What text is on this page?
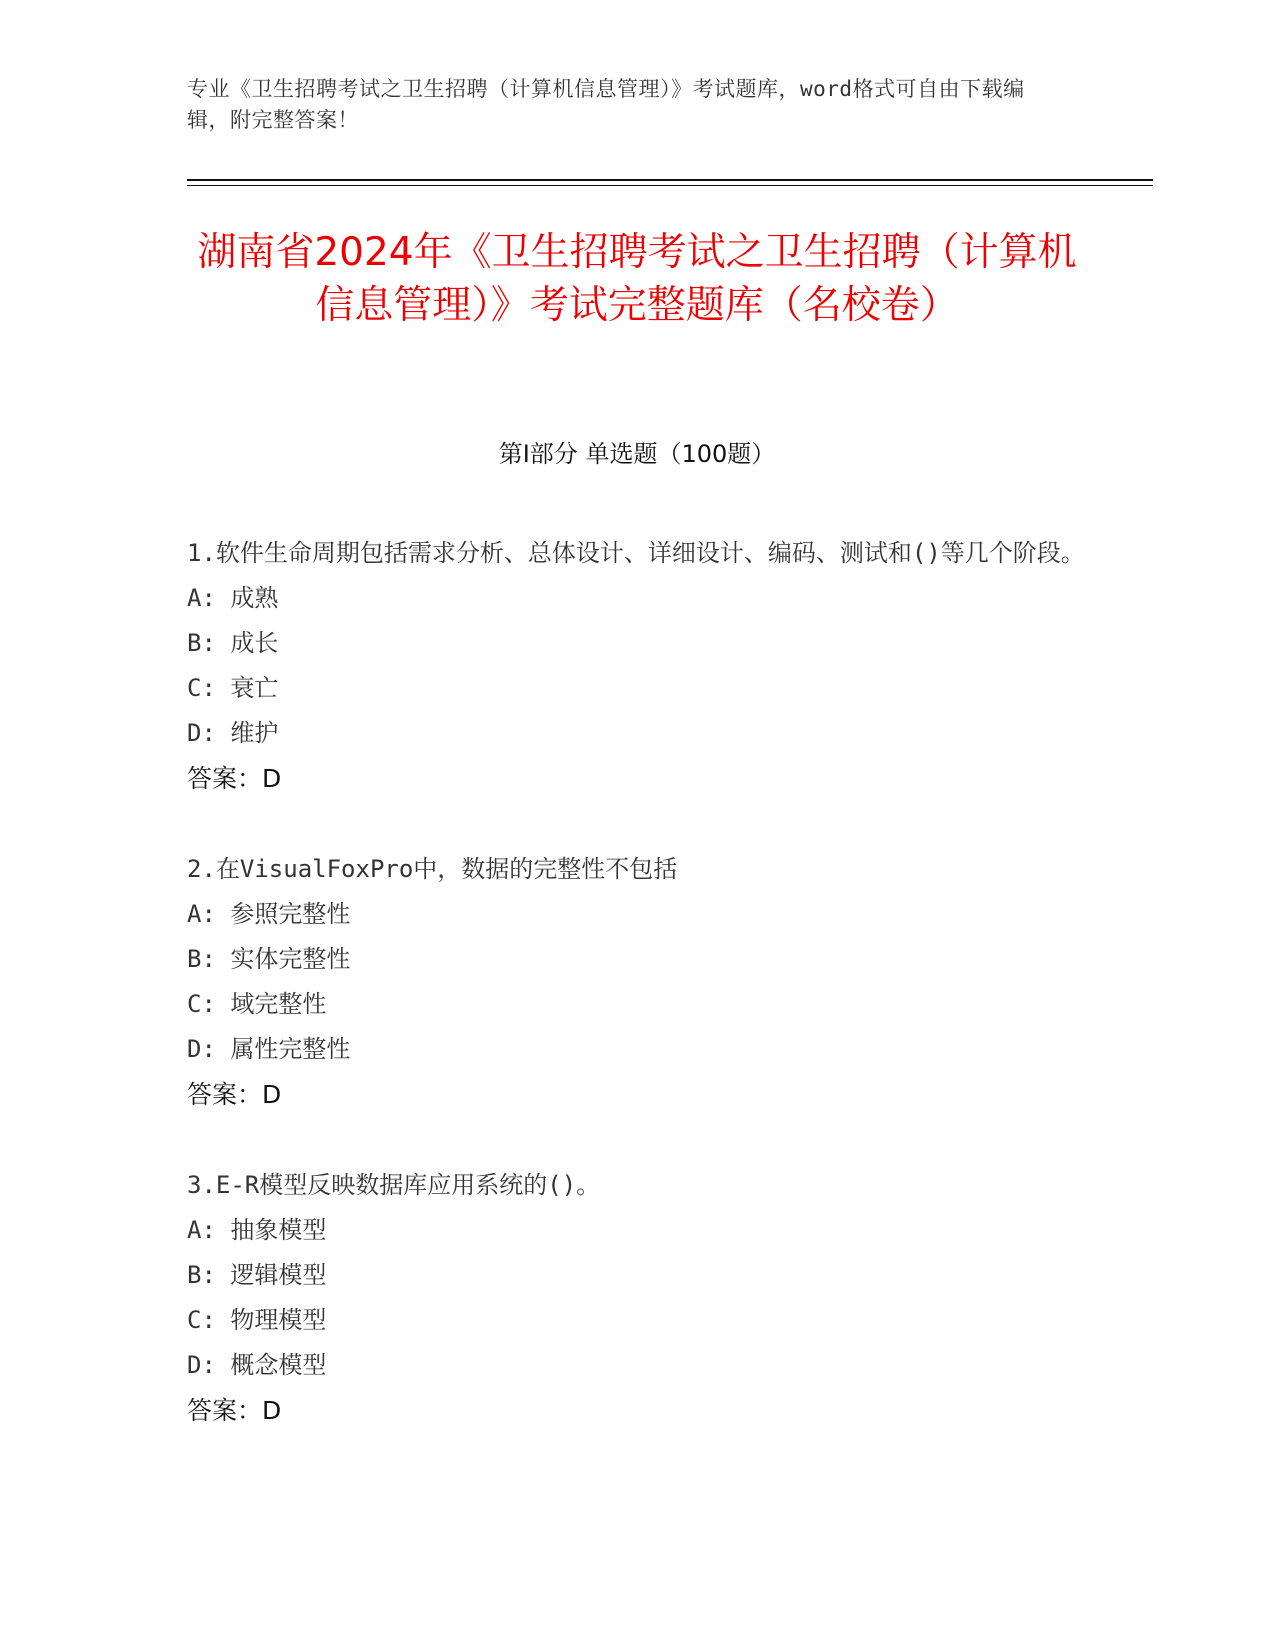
专业《卫生招聘考试之卫生招聘（计算机信息管理）》考试题库，word格式可自由下载编辑，附完整答案！
湖南省2024年《卫生招聘考试之卫生招聘（计算机信息管理）》考试完整题库（名校卷）
第I部分 单选题（100题）

1.软件生命周期包括需求分析、总体设计、详细设计、编码、测试和()等几个阶段。

A: 成熟

B: 成长

C: 衰亡

D: 维护

答案：D

2.在VisualFoxPro中，数据的完整性不包括

A: 参照完整性

B: 实体完整性

C: 域完整性

D: 属性完整性

答案：D

3.E-R模型反映数据库应用系统的()。

A: 抽象模型

B: 逻辑模型

C: 物理模型

D: 概念模型

答案：D
